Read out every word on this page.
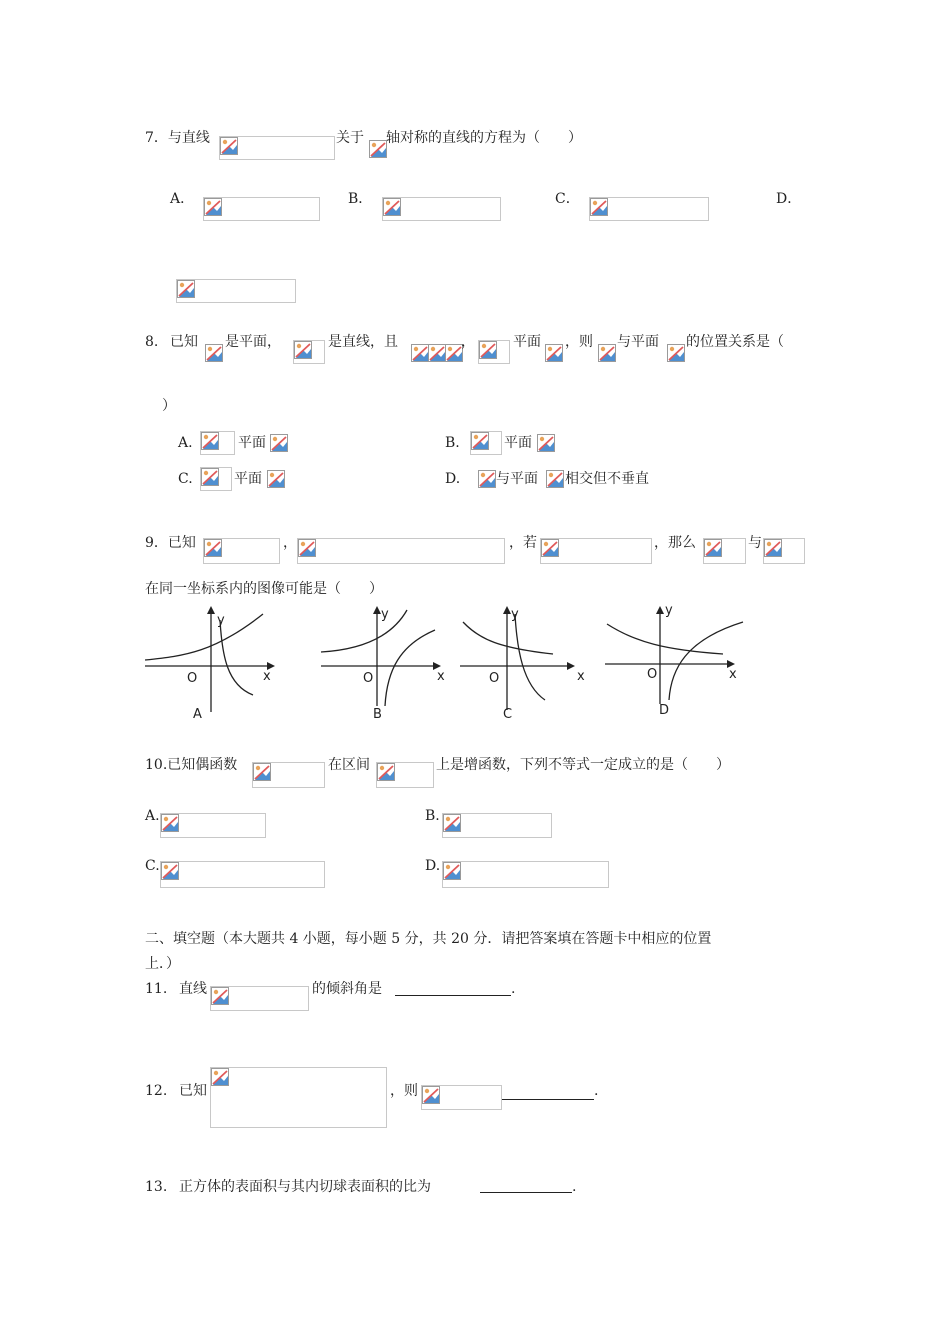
7．与直线	关于 轴对称的直线的方程为（　　）
A．	B．	C．	D．
8. 已知 是平面，	是直线，且	，	平面 ，则 与平面 的位置关系是（
）
A.	平面	B.	平面
C.	平面	D.	与平面 相交但不垂直
9．已知	，	，若	，那么	与
在同一坐标系内的图像可能是（　　）
y
x
O
A
y
x
O
B
y
x
O
C
y
x
O
D
10.已知偶函数	在区间	上是增函数，下列不等式一定成立的是（　　）
A.	B.
C.	D.
二、填空题（本大题共 4 小题，每小题 5 分，共 20 分．请把答案填在答题卡中相应的位置
上．）
11. 直线	的倾斜角是	.
12. 已知	，则	.
13. 正方体的表面积与其内切球表面积的比为	.
